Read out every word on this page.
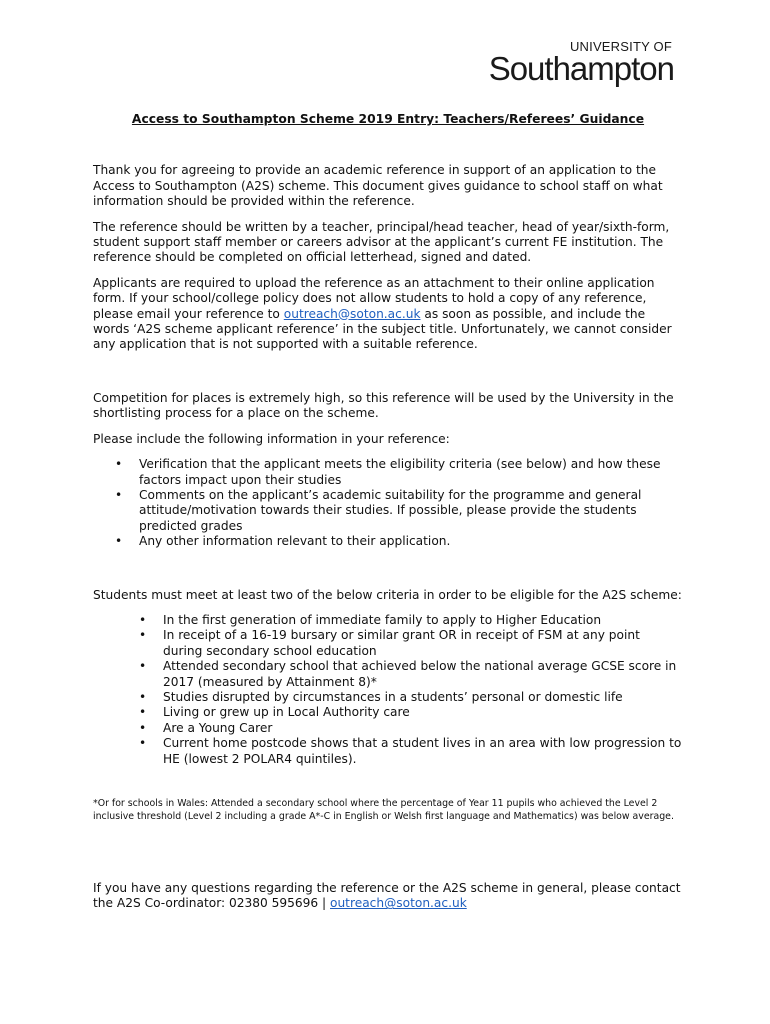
UNIVERSITY OF
Southampton
Access to Southampton Scheme 2019 Entry: Teachers/Referees’ Guidance

Thank you for agreeing to provide an academic reference in support of an application to the Access to Southampton (A2S) scheme. This document gives guidance to school staff on what information should be provided within the reference.

The reference should be written by a teacher, principal/head teacher, head of year/sixth-form, student support staff member or careers advisor at the applicant’s current FE institution. The reference should be completed on official letterhead, signed and dated.

Applicants are required to upload the reference as an attachment to their online application form. If your school/college policy does not allow students to hold a copy of any reference, please email your reference to outreach@soton.ac.uk as soon as possible, and include the words ‘A2S scheme applicant reference’ in the subject title. Unfortunately, we cannot consider any application that is not supported with a suitable reference.

Competition for places is extremely high, so this reference will be used by the University in the shortlisting process for a place on the scheme.

Please include the following information in your reference:

• Verification that the applicant meets the eligibility criteria (see below) and how these factors impact upon their studies
• Comments on the applicant’s academic suitability for the programme and general attitude/motivation towards their studies. If possible, please provide the students predicted grades
• Any other information relevant to their application.

Students must meet at least two of the below criteria in order to be eligible for the A2S scheme:

• In the first generation of immediate family to apply to Higher Education
• In receipt of a 16-19 bursary or similar grant OR in receipt of FSM at any point during secondary school education
• Attended secondary school that achieved below the national average GCSE score in 2017 (measured by Attainment 8)*
• Studies disrupted by circumstances in a students’ personal or domestic life
• Living or grew up in Local Authority care
• Are a Young Carer
• Current home postcode shows that a student lives in an area with low progression to HE (lowest 2 POLAR4 quintiles).
*Or for schools in Wales: Attended a secondary school where the percentage of Year 11 pupils who achieved the Level 2 inclusive threshold (Level 2 including a grade A*-C in English or Welsh first language and Mathematics) was below average.

If you have any questions regarding the reference or the A2S scheme in general, please contact the A2S Co-ordinator: 02380 595696 | outreach@soton.ac.uk
